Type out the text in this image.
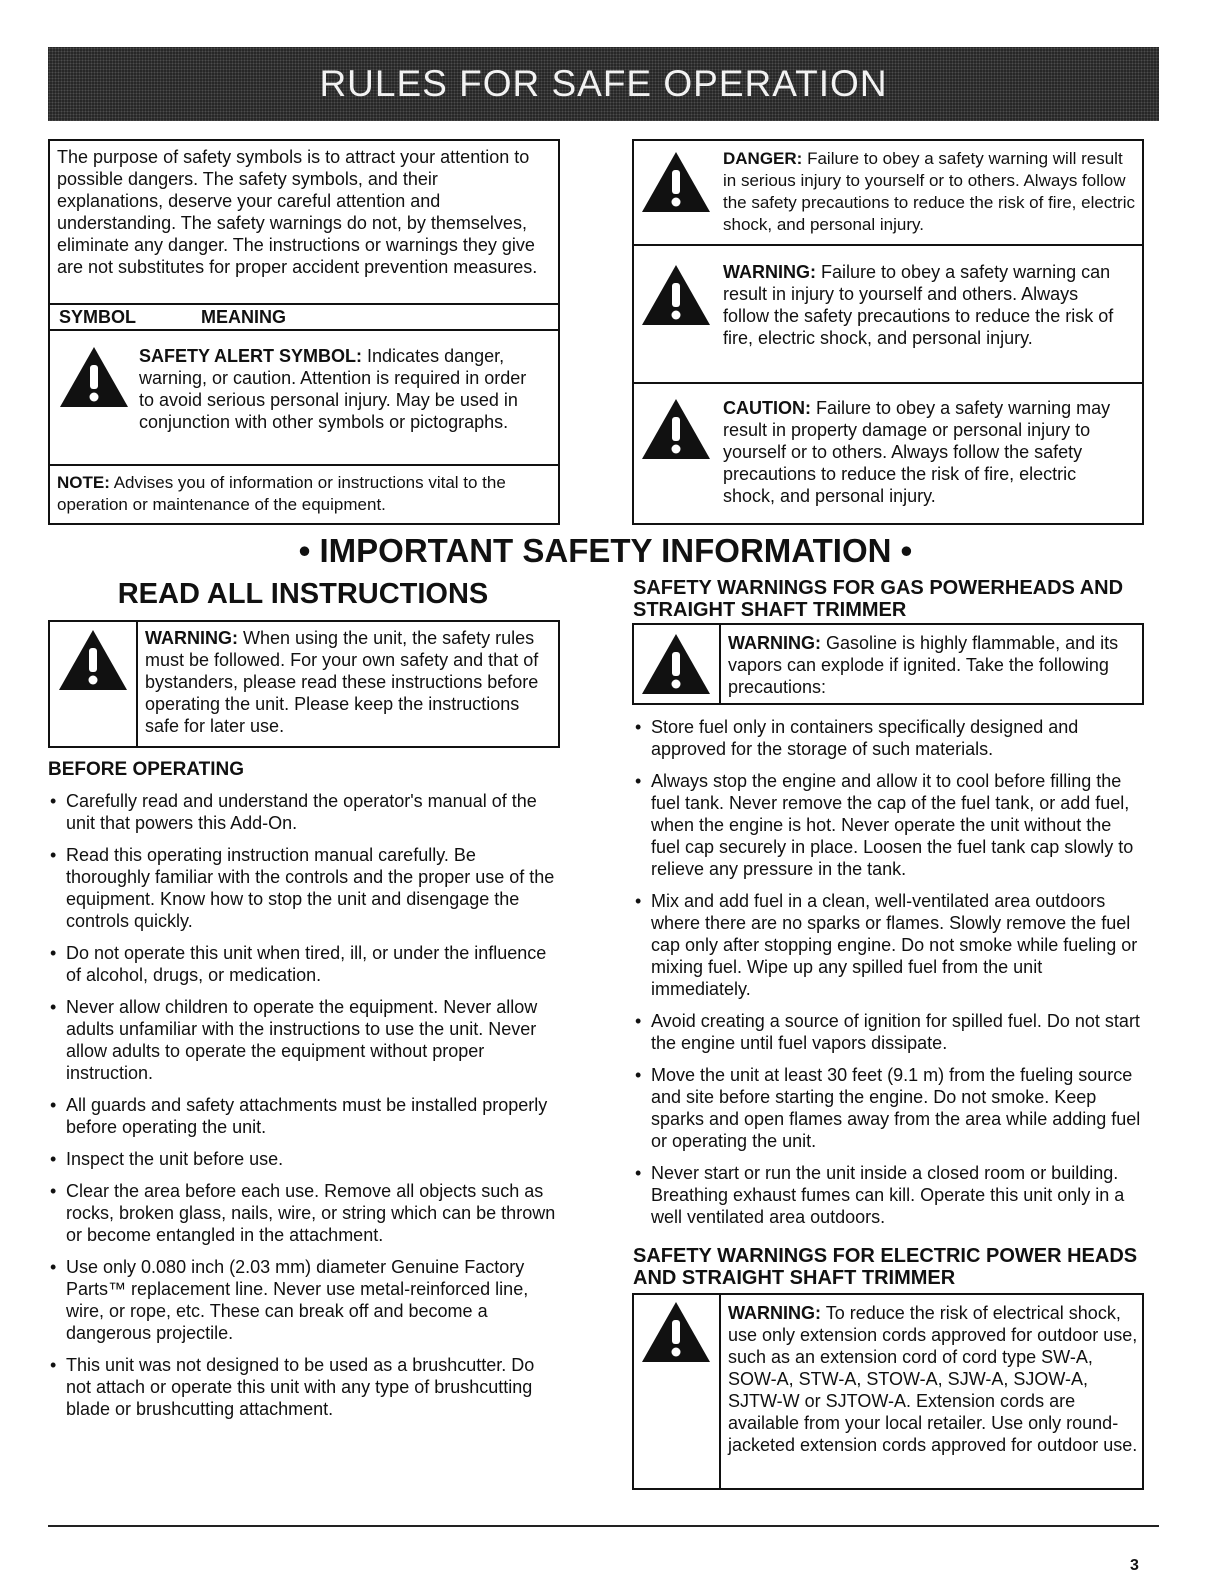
RULES FOR SAFE OPERATION

The purpose of safety symbols is to attract your attention to possible dangers. The safety symbols, and their explanations, deserve your careful attention and understanding. The safety warnings do not, by themselves, eliminate any danger. The instructions or warnings they give are not substitutes for proper accident prevention measures.

SYMBOL	MEANING

SAFETY ALERT SYMBOL: Indicates danger, warning, or caution. Attention is required in order to avoid serious personal injury. May be used in conjunction with other symbols or pictographs.

NOTE: Advises you of information or instructions vital to the operation or maintenance of the equipment.

DANGER: Failure to obey a safety warning will result in serious injury to yourself or to others. Always follow the safety precautions to reduce the risk of fire, electric shock, and personal injury.

WARNING: Failure to obey a safety warning can result in injury to yourself and others. Always follow the safety precautions to reduce the risk of fire, electric shock, and personal injury.

CAUTION: Failure to obey a safety warning may result in property damage or personal injury to yourself or to others. Always follow the safety precautions to reduce the risk of fire, electric shock, and personal injury.

• IMPORTANT SAFETY INFORMATION •
READ ALL INSTRUCTIONS

WARNING: When using the unit, the safety rules must be followed. For your own safety and that of bystanders, please read these instructions before operating the unit. Please keep the instructions safe for later use.

BEFORE OPERATING
• Carefully read and understand the operator's manual of the unit that powers this Add-On.
• Read this operating instruction manual carefully. Be thoroughly familiar with the controls and the proper use of the equipment. Know how to stop the unit and disengage the controls quickly.
• Do not operate this unit when tired, ill, or under the influence of alcohol, drugs, or medication.
• Never allow children to operate the equipment. Never allow adults unfamiliar with the instructions to use the unit. Never allow adults to operate the equipment without proper instruction.
• All guards and safety attachments must be installed properly before operating the unit.
• Inspect the unit before use.
• Clear the area before each use. Remove all objects such as rocks, broken glass, nails, wire, or string which can be thrown or become entangled in the attachment.
• Use only 0.080 inch (2.03 mm) diameter Genuine Factory Parts™ replacement line. Never use metal-reinforced line, wire, or rope, etc. These can break off and become a dangerous projectile.
• This unit was not designed to be used as a brushcutter. Do not attach or operate this unit with any type of brushcutting blade or brushcutting attachment.
SAFETY WARNINGS FOR GAS POWERHEADS AND STRAIGHT SHAFT TRIMMER

WARNING: Gasoline is highly flammable, and its vapors can explode if ignited. Take the following precautions:

• Store fuel only in containers specifically designed and approved for the storage of such materials.
• Always stop the engine and allow it to cool before filling the fuel tank. Never remove the cap of the fuel tank, or add fuel, when the engine is hot. Never operate the unit without the fuel cap securely in place. Loosen the fuel tank cap slowly to relieve any pressure in the tank.
• Mix and add fuel in a clean, well-ventilated area outdoors where there are no sparks or flames. Slowly remove the fuel cap only after stopping engine. Do not smoke while fueling or mixing fuel. Wipe up any spilled fuel from the unit immediately.
• Avoid creating a source of ignition for spilled fuel. Do not start the engine until fuel vapors dissipate.
• Move the unit at least 30 feet (9.1 m) from the fueling source and site before starting the engine. Do not smoke. Keep sparks and open flames away from the area while adding fuel or operating the unit.
• Never start or run the unit inside a closed room or building. Breathing exhaust fumes can kill. Operate this unit only in a well ventilated area outdoors.
SAFETY WARNINGS FOR ELECTRIC POWER HEADS AND STRAIGHT SHAFT TRIMMER

WARNING: To reduce the risk of electrical shock, use only extension cords approved for outdoor use, such as an extension cord of cord type SW-A, SOW-A, STW-A, STOW-A, SJW-A, SJOW-A, SJTW-W or SJTOW-A. Extension cords are available from your local retailer. Use only round-jacketed extension cords approved for outdoor use.

3
